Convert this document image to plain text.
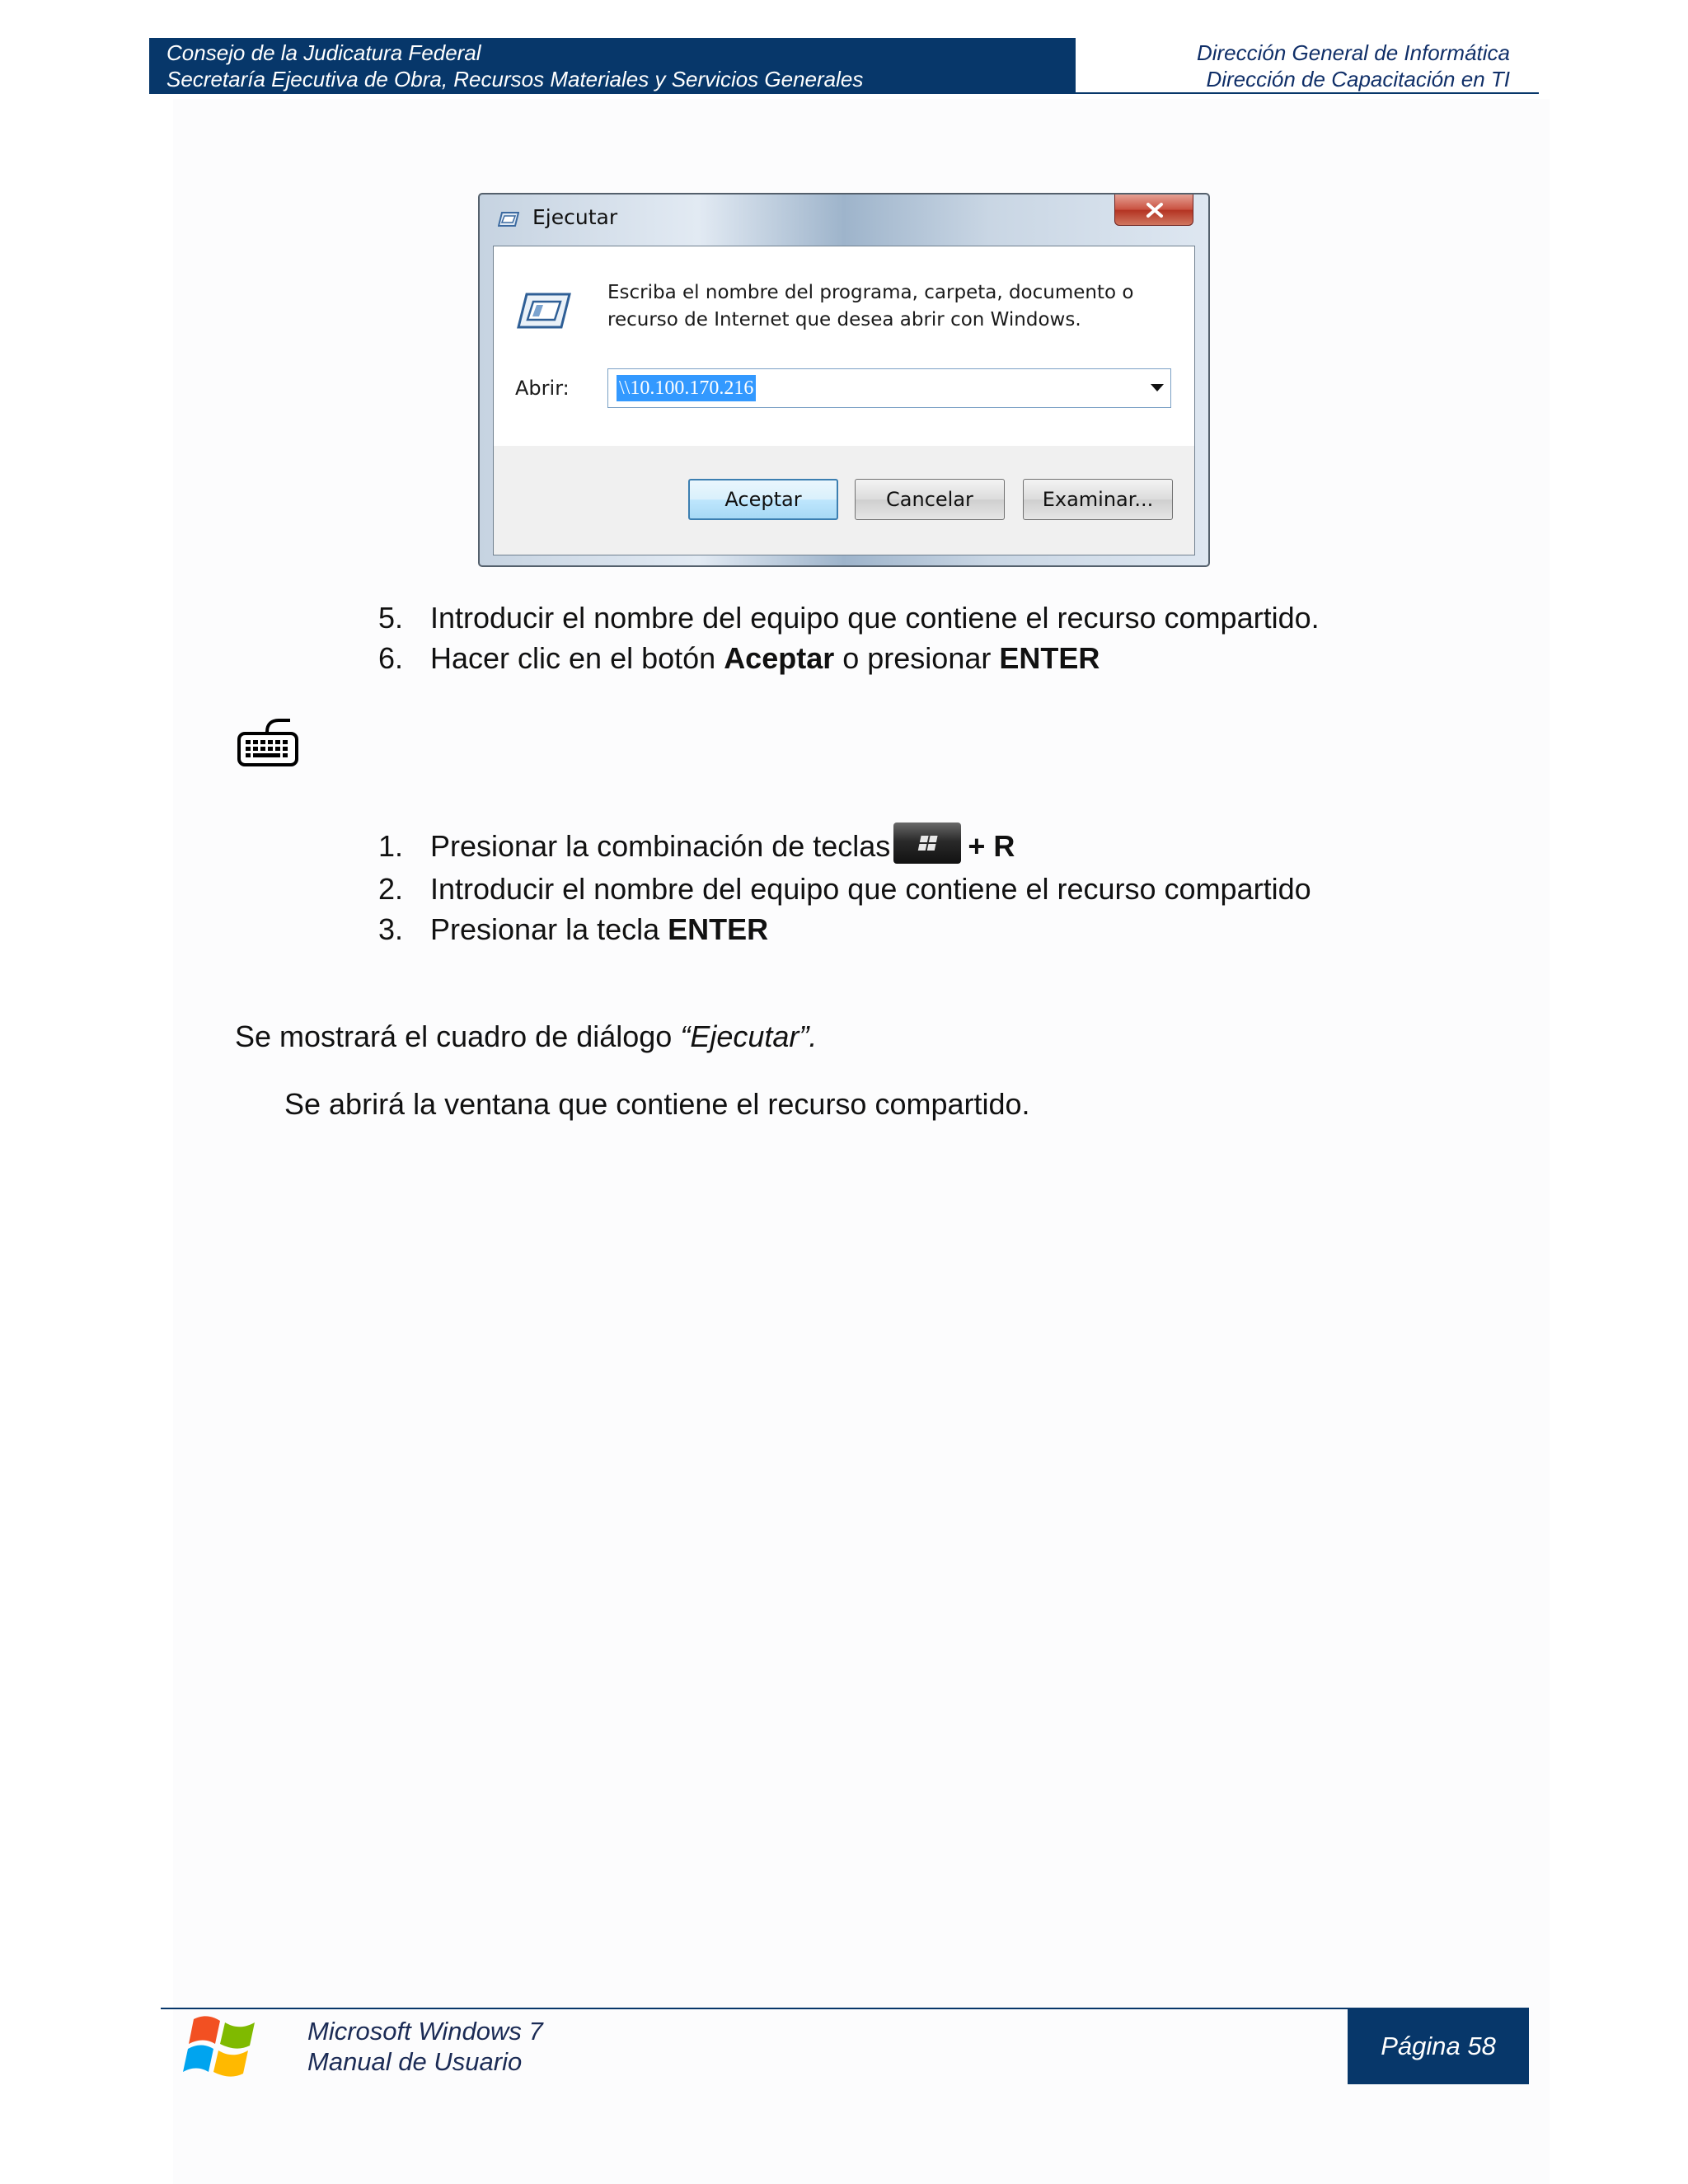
Consejo de la Judicatura Federal
Secretaría Ejecutiva de Obra, Recursos Materiales y Servicios Generales
Dirección General de Informática
Dirección de Capacitación en TI
Ejecutar
Escriba el nombre del programa, carpeta, documento o recurso de Internet que desea abrir con Windows.
Abrir:	\\10.100.170.216
Aceptar	Cancelar	Examinar...
5. Introducir el nombre del equipo que contiene el recurso compartido.
6. Hacer clic en el botón Aceptar o presionar ENTER
1. Presionar la combinación de teclas	+ R
2. Introducir el nombre del equipo que contiene el recurso compartido
3. Presionar la tecla ENTER
Se mostrará el cuadro de diálogo “Ejecutar”.
Se abrirá la ventana que contiene el recurso compartido.
Microsoft Windows 7
Manual de Usuario
Página 58
